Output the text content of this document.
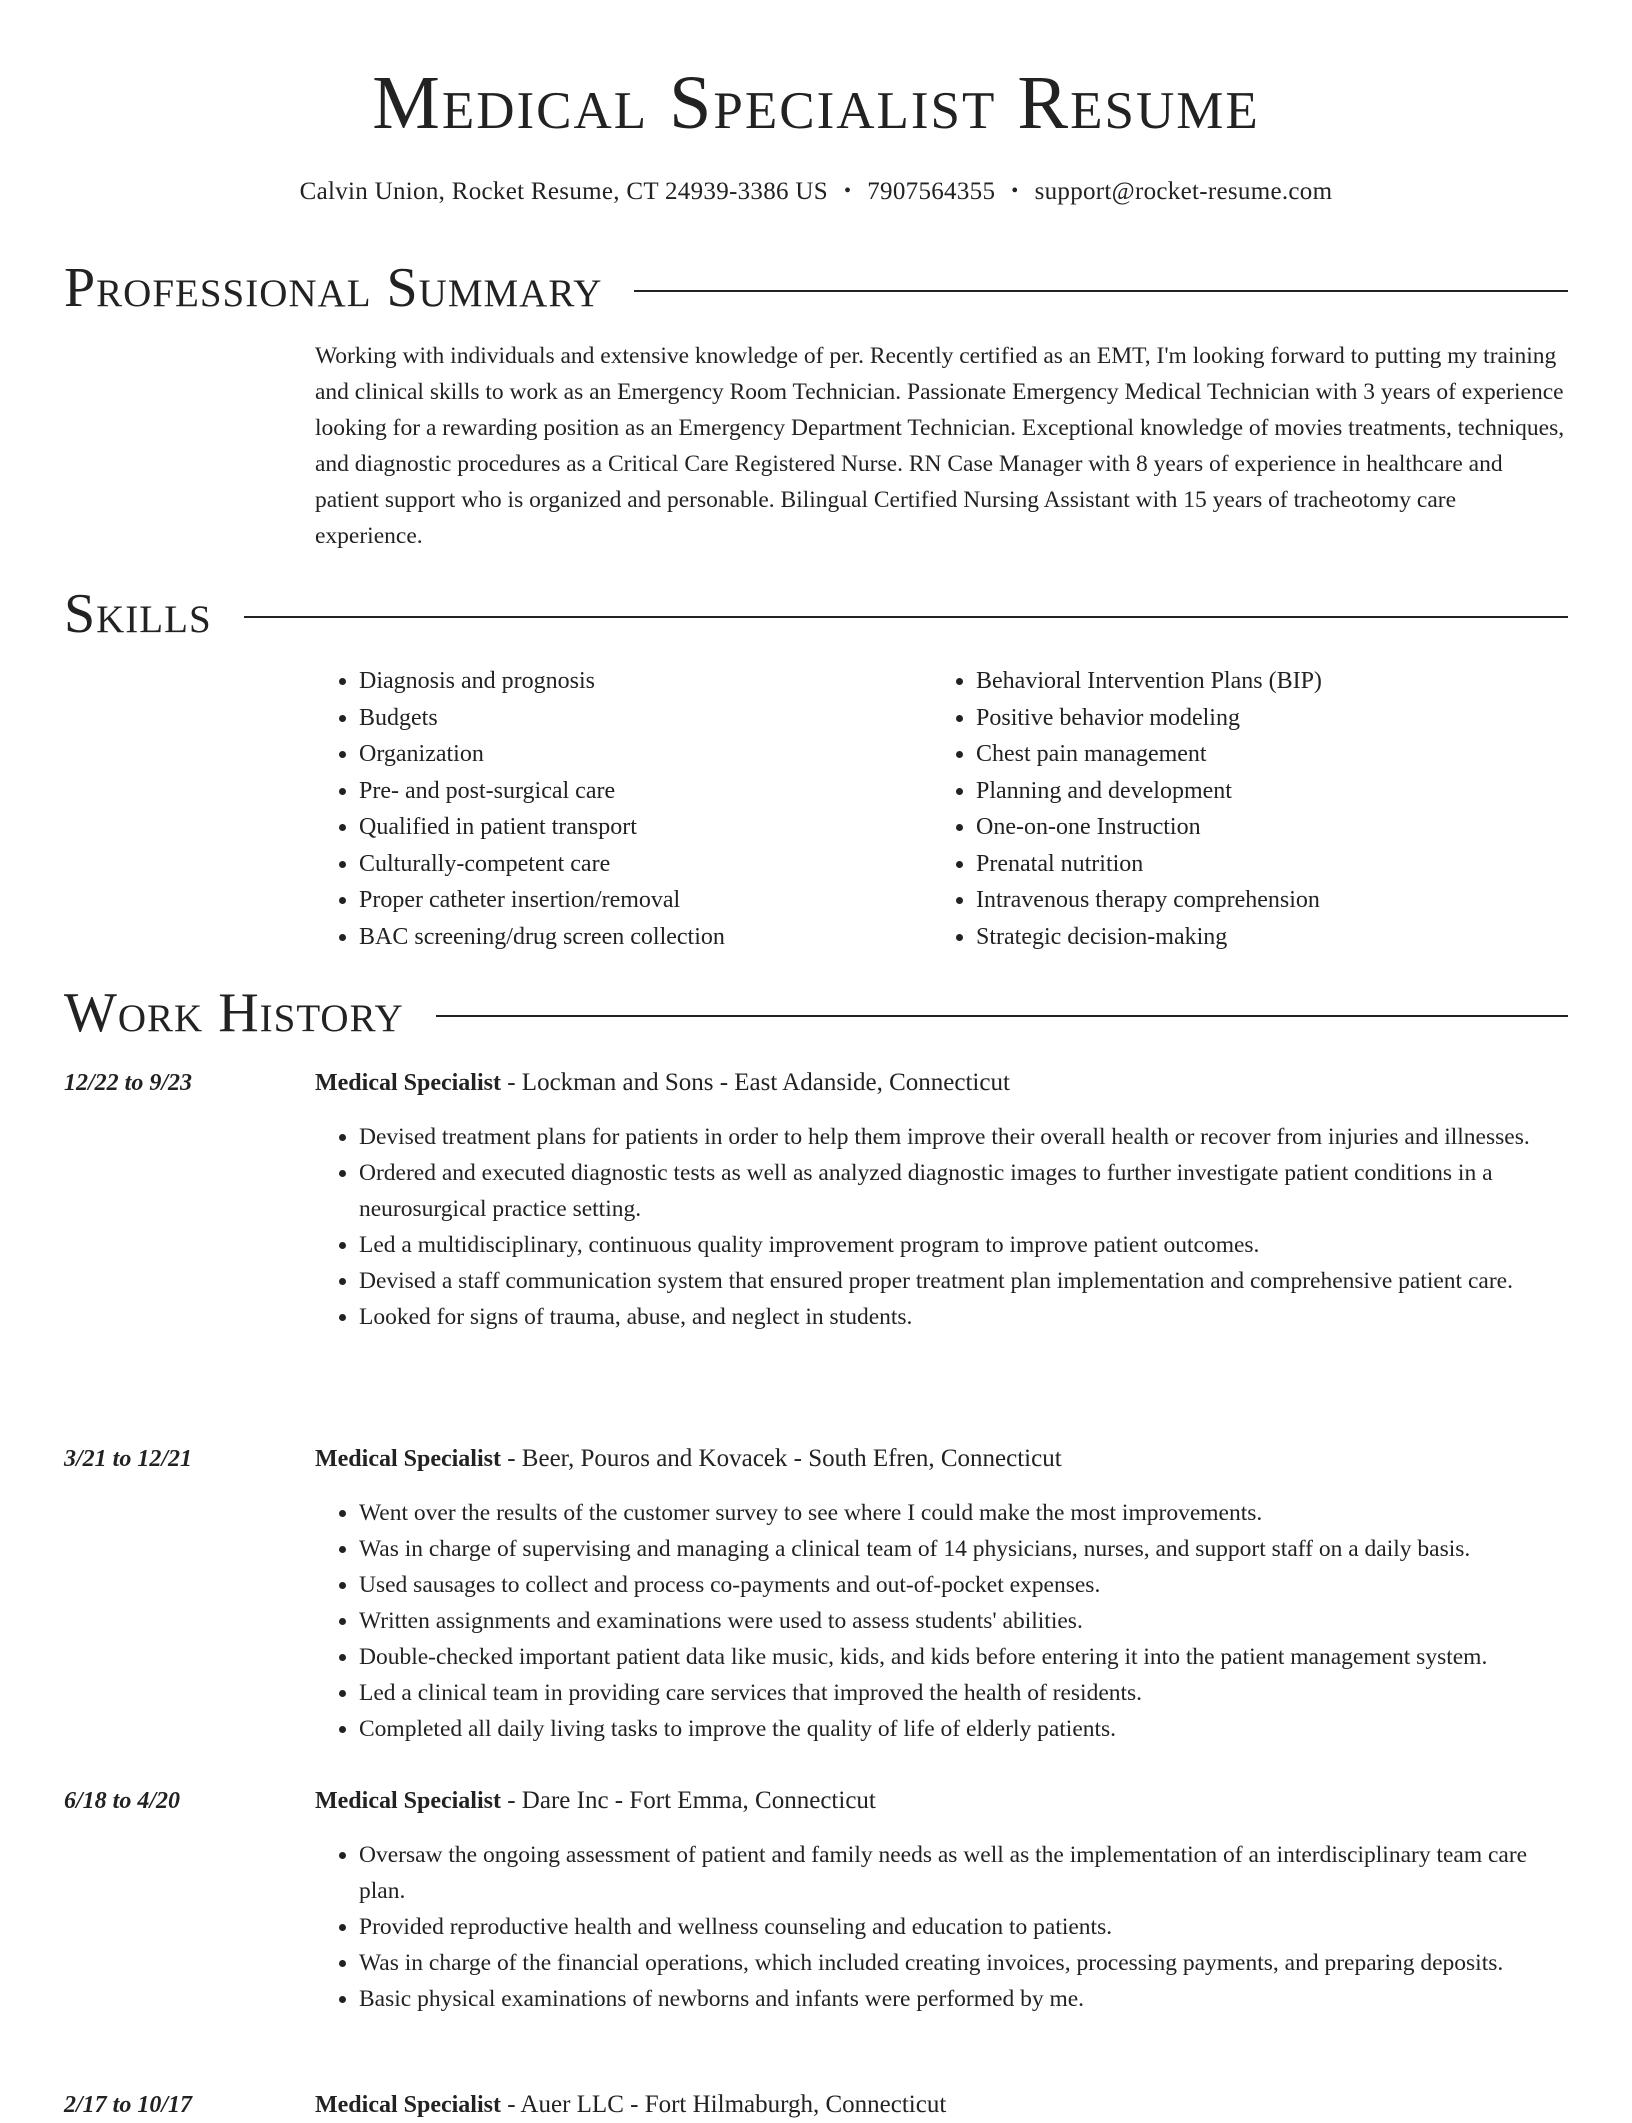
Medical Specialist Resume
Calvin Union, Rocket Resume, CT 24939-3386 US • 7907564355 • support@rocket-resume.com
Professional Summary

Working with individuals and extensive knowledge of per. Recently certified as an EMT, I'm looking forward to putting my training and clinical skills to work as an Emergency Room Technician. Passionate Emergency Medical Technician with 3 years of experience looking for a rewarding position as an Emergency Department Technician. Exceptional knowledge of movies treatments, techniques, and diagnostic procedures as a Critical Care Registered Nurse. RN Case Manager with 8 years of experience in healthcare and patient support who is organized and personable. Bilingual Certified Nursing Assistant with 15 years of tracheotomy care experience.

Skills
• Diagnosis and prognosis
• Budgets
• Organization
• Pre- and post-surgical care
• Qualified in patient transport
• Culturally-competent care
• Proper catheter insertion/removal
• BAC screening/drug screen collection
• Behavioral Intervention Plans (BIP)
• Positive behavior modeling
• Chest pain management
• Planning and development
• One-on-one Instruction
• Prenatal nutrition
• Intravenous therapy comprehension
• Strategic decision-making
Work History
12/22 to 9/23	Medical Specialist - Lockman and Sons - East Adanside, Connecticut
• Devised treatment plans for patients in order to help them improve their overall health or recover from injuries and illnesses.
• Ordered and executed diagnostic tests as well as analyzed diagnostic images to further investigate patient conditions in a neurosurgical practice setting.
• Led a multidisciplinary, continuous quality improvement program to improve patient outcomes.
• Devised a staff communication system that ensured proper treatment plan implementation and comprehensive patient care.
• Looked for signs of trauma, abuse, and neglect in students.
3/21 to 12/21	Medical Specialist - Beer, Pouros and Kovacek - South Efren, Connecticut
• Went over the results of the customer survey to see where I could make the most improvements.
• Was in charge of supervising and managing a clinical team of 14 physicians, nurses, and support staff on a daily basis.
• Used sausages to collect and process co-payments and out-of-pocket expenses.
• Written assignments and examinations were used to assess students' abilities.
• Double-checked important patient data like music, kids, and kids before entering it into the patient management system.
• Led a clinical team in providing care services that improved the health of residents.
• Completed all daily living tasks to improve the quality of life of elderly patients.
6/18 to 4/20	Medical Specialist - Dare Inc - Fort Emma, Connecticut
• Oversaw the ongoing assessment of patient and family needs as well as the implementation of an interdisciplinary team care plan.
• Provided reproductive health and wellness counseling and education to patients.
• Was in charge of the financial operations, which included creating invoices, processing payments, and preparing deposits.
• Basic physical examinations of newborns and infants were performed by me.
2/17 to 10/17	Medical Specialist - Auer LLC - Fort Hilmaburgh, Connecticut
